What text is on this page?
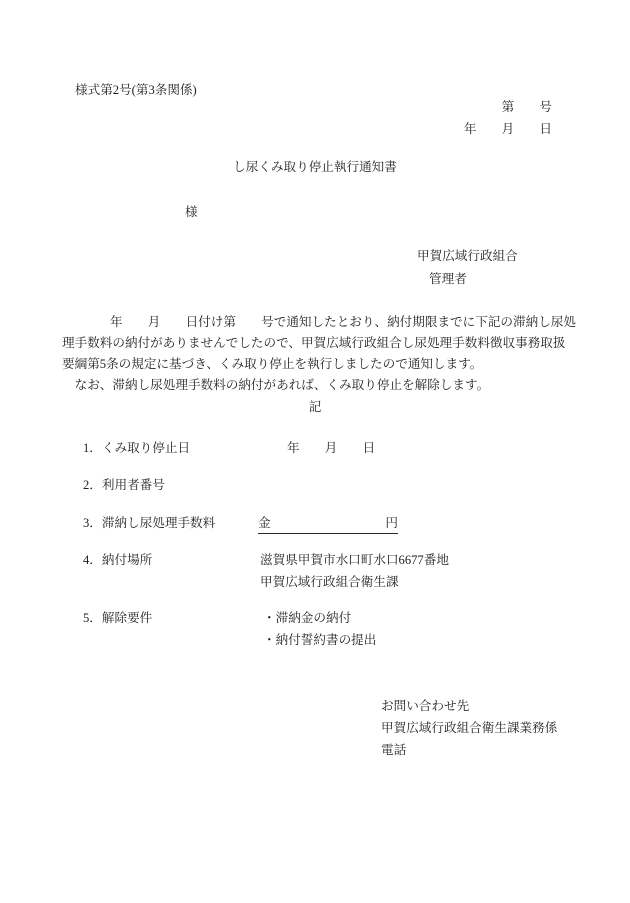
様式第2号(第3条関係)
第　　号
年　　月　　日
し尿くみ取り停止執行通知書
様
甲賀広域行政組合
管理者
年　　月　　日付け第　　号で通知したとおり、納付期限までに下記の滞納し尿処
理手数料の納付がありませんでしたので、甲賀広域行政組合し尿処理手数料徴収事務取扱
要綱第5条の規定に基づき、くみ取り停止を執行しましたので通知します。
　なお、滞納し尿処理手数料の納付があれば、くみ取り停止を解除します。
記
1．くみ取り停止日	年　　月　　日
2．利用者番号
3．滞納し尿処理手数料	金	円
4．納付場所	滋賀県甲賀市水口町水口6677番地
甲賀広域行政組合衛生課
5．解除要件	・滞納金の納付
・納付誓約書の提出
お問い合わせ先
甲賀広域行政組合衛生課業務係
電話
